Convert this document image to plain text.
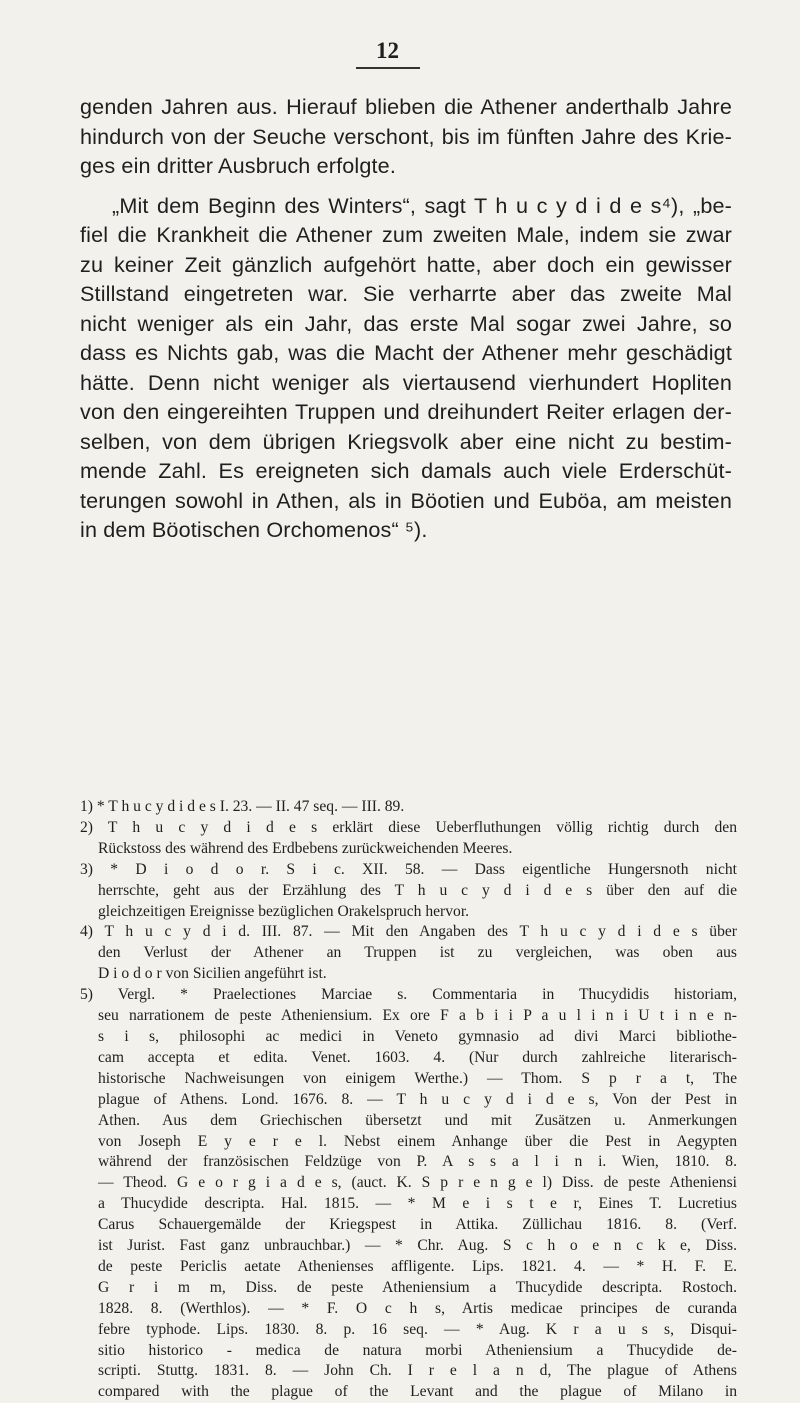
12
genden Jahren aus. Hierauf blieben die Athener anderthalb Jahre
hindurch von der Seuche verschont, bis im fünften Jahre des Krie-
ges ein dritter Ausbruch erfolgte.
„Mit dem Beginn des Winters“, sagt T h u c y d i d e s⁴), „be-
fiel die Krankheit die Athener zum zweiten Male, indem sie zwar
zu keiner Zeit gänzlich aufgehört hatte, aber doch ein gewisser
Stillstand eingetreten war. Sie verharrte aber das zweite Mal
nicht weniger als ein Jahr, das erste Mal sogar zwei Jahre, so
dass es Nichts gab, was die Macht der Athener mehr geschädigt
hätte. Denn nicht weniger als viertausend vierhundert Hopliten
von den eingereihten Truppen und dreihundert Reiter erlagen der-
selben, von dem übrigen Kriegsvolk aber eine nicht zu bestim-
mende Zahl. Es ereigneten sich damals auch viele Erderschüt-
terungen sowohl in Athen, als in Böotien und Euböa, am meisten
in dem Böotischen Orchomenos“ ⁵).
1) * T h u c y d i d e s I. 23. — II. 47 seq. — III. 89.
2) T h u c y d i d e s erklärt diese Ueberfluthungen völlig richtig durch den
Rückstoss des während des Erdbebens zurückweichenden Meeres.
3) * D i o d o r. S i c. XII. 58. — Dass eigentliche Hungersnoth nicht
herrschte, geht aus der Erzählung des T h u c y d i d e s über den auf die
gleichzeitigen Ereignisse bezüglichen Orakelspruch hervor.
4) T h u c y d i d. III. 87. — Mit den Angaben des T h u c y d i d e s über
den Verlust der Athener an Truppen ist zu vergleichen, was oben aus
D i o d o r von Sicilien angeführt ist.
5) Vergl. * Praelectiones Marciae s. Commentaria in Thucydidis historiam,
seu narrationem de peste Atheniensium. Ex ore F a b i i P a u l i n i U t i n e n-
s i s, philosophi ac medici in Veneto gymnasio ad divi Marci bibliothe-
cam accepta et edita. Venet. 1603. 4. (Nur durch zahlreiche literarisch-
historische Nachweisungen von einigem Werthe.) — Thom. S p r a t, The
plague of Athens. Lond. 1676. 8. — T h u c y d i d e s, Von der Pest in
Athen. Aus dem Griechischen übersetzt und mit Zusätzen u. Anmerkungen
von Joseph E y e r e l. Nebst einem Anhange über die Pest in Aegypten
während der französischen Feldzüge von P. A s s a l i n i. Wien, 1810. 8.
— Theod. G e o r g i a d e s, (auct. K. S p r e n g e l) Diss. de peste Atheniensi
a Thucydide descripta. Hal. 1815. — * M e i s t e r, Eines T. Lucretius
Carus Schauergemälde der Kriegspest in Attika. Züllichau 1816. 8. (Verf.
ist Jurist. Fast ganz unbrauchbar.) — * Chr. Aug. S c h o e n c k e, Diss.
de peste Periclis aetate Athenienses affligente. Lips. 1821. 4. — * H. F. E.
G r i m m, Diss. de peste Atheniensium a Thucydide descripta. Rostoch.
1828. 8. (Werthlos). — * F. O c h s, Artis medicae principes de curanda
febre typhode. Lips. 1830. 8. p. 16 seq. — * Aug. K r a u s s, Disqui-
sitio historico - medica de natura morbi Atheniensium a Thucydide de-
scripti. Stuttg. 1831. 8. — John Ch. I r e l a n d, The plague of Athens
compared with the plague of the Levant and the plague of Milano in
